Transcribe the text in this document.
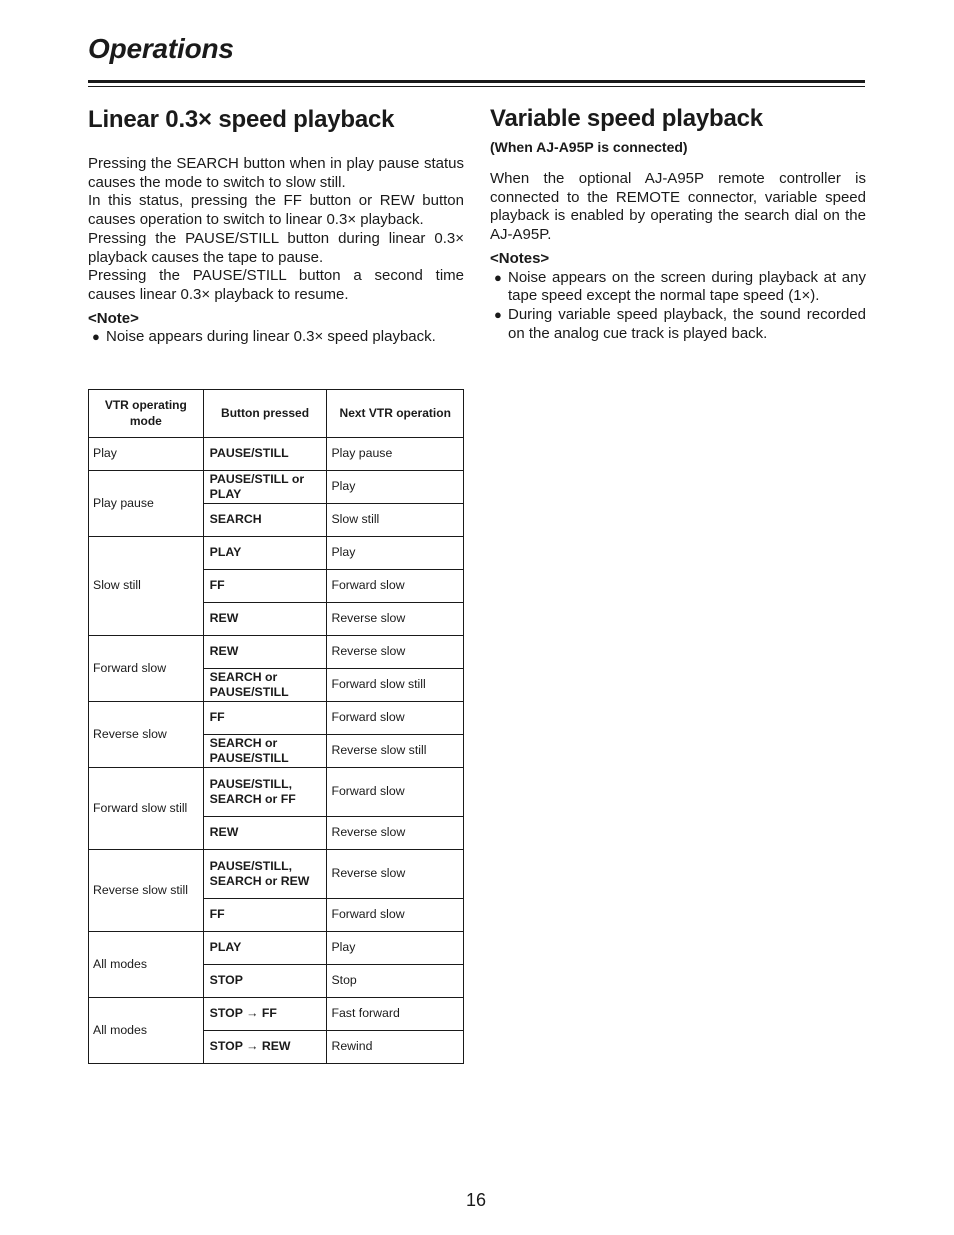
Operations
Linear 0.3× speed playback

Pressing the SEARCH button when in play pause status causes the mode to switch to slow still.

In this status, pressing the FF button or REW button causes operation to switch to linear 0.3× playback.

Pressing the PAUSE/STILL button during linear 0.3× playback causes the tape to pause.

Pressing the PAUSE/STILL button a second time causes linear 0.3× playback to resume.

<Note>

● Noise appears during linear 0.3× speed playback.
Variable speed playback
(When AJ-A95P is connected)

When the optional AJ-A95P remote controller is connected to the REMOTE connector, variable speed playback is enabled by operating the search dial on the AJ-A95P.

<Notes>

● Noise appears on the screen during playback at any tape speed except the normal tape speed (1×).
● During variable speed playback, the sound recorded on the analog cue track is played back.
VTR operating mode	Button pressed	Next VTR operation
Play	PAUSE/STILL	Play pause
Play pause	PAUSE/STILL or PLAY	Play
	SEARCH	Slow still
Slow still	PLAY	Play
	FF	Forward slow
	REW	Reverse slow
Forward slow	REW	Reverse slow
	SEARCH or PAUSE/STILL	Forward slow still
Reverse slow	FF	Forward slow
	SEARCH or PAUSE/STILL	Reverse slow still
Forward slow still	PAUSE/STILL, SEARCH or FF	Forward slow
	REW	Reverse slow
Reverse slow still	PAUSE/STILL, SEARCH or REW	Reverse slow
	FF	Forward slow
All modes	PLAY	Play
	STOP	Stop
All modes	STOP → FF	Fast forward
	STOP → REW	Rewind
16
